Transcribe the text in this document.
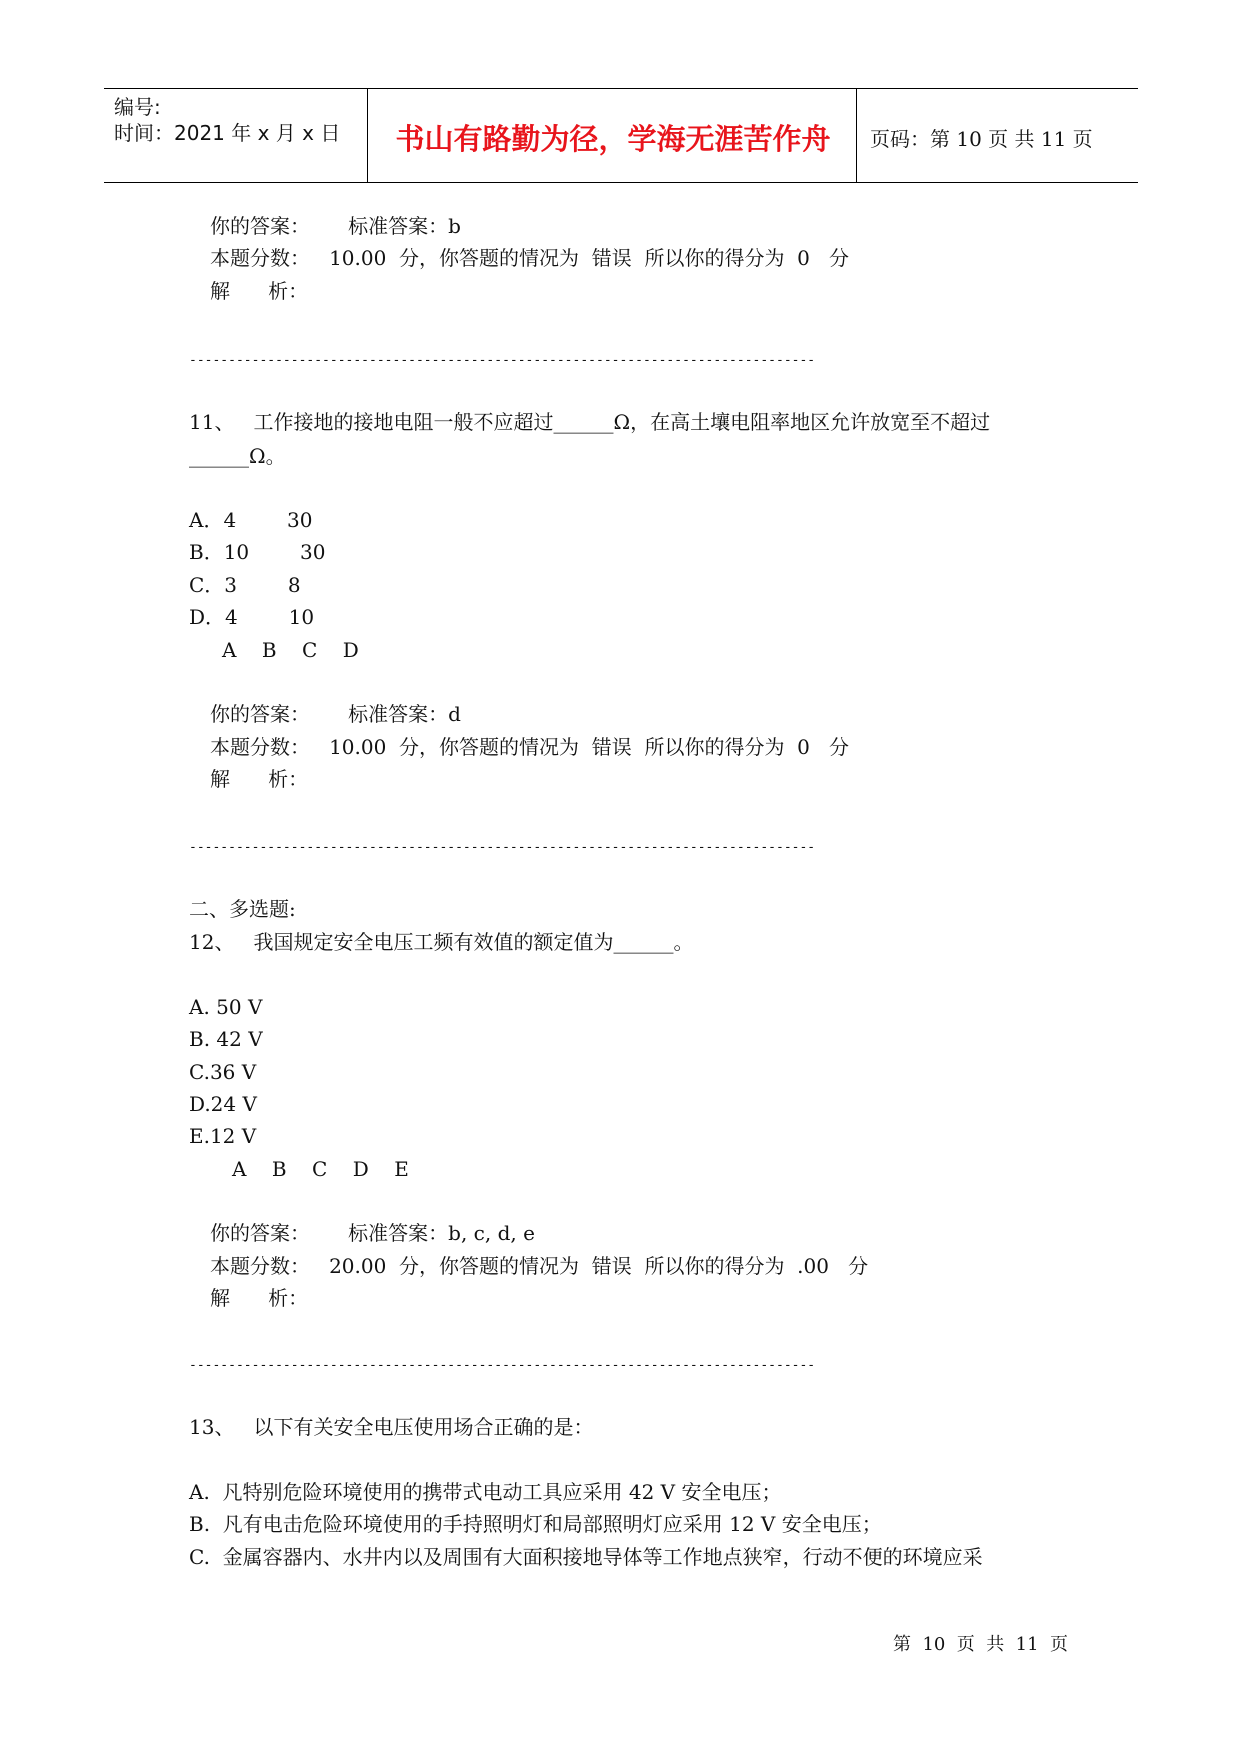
编号:
时间：2021 年 x 月 x 日	书山有路勤为径，学海无涯苦作舟	页码：第 10 页 共 11 页
你的答案：      标准答案：b
本题分数：   10.00  分，你答题的情况为  错误  所以你的得分为  0   分
解      析：
--------------------------------------------------------------------------------
11、   工作接地的接地电阻一般不应超过______Ω，在高土壤电阻率地区允许放宽至不超过
______Ω。
A．4        30
B．10        30
C．3        8
D．4        10
A    B    C    D
你的答案：      标准答案：d
本题分数：   10.00  分，你答题的情况为  错误  所以你的得分为  0   分
解      析：
--------------------------------------------------------------------------------
二、多选题:
12、   我国规定安全电压工频有效值的额定值为______。
A. 50 V
B. 42 V
C.36 V
D.24 V
E.12 V
A    B    C    D    E
你的答案：      标准答案：b, c, d, e
本题分数：   20.00  分，你答题的情况为  错误  所以你的得分为  .00   分
解      析：
--------------------------------------------------------------------------------
13、   以下有关安全电压使用场合正确的是：
A.  凡特别危险环境使用的携带式电动工具应采用 42 V 安全电压；
B.  凡有电击危险环境使用的手持照明灯和局部照明灯应采用 12 V 安全电压；
C.  金属容器内、水井内以及周围有大面积接地导体等工作地点狭窄，行动不便的环境应采
第  10  页  共  11  页
